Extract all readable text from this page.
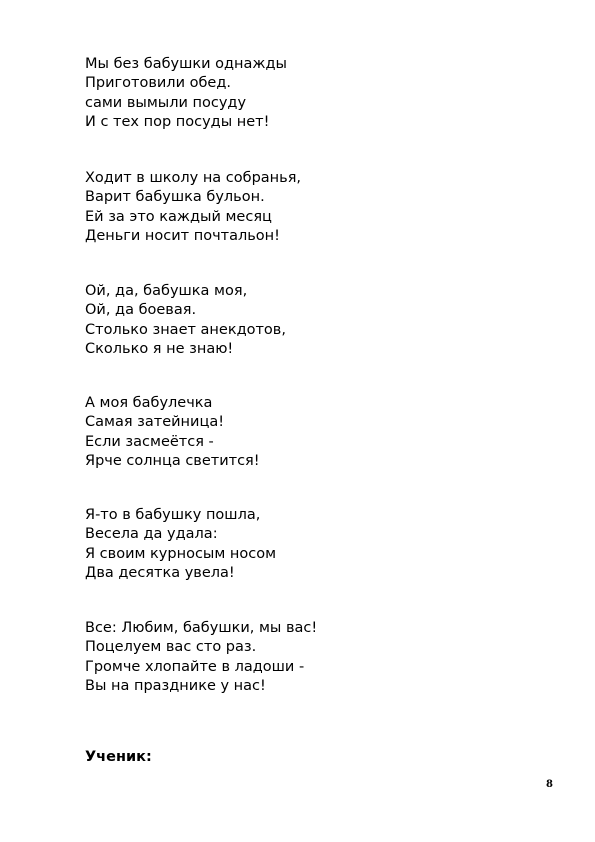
Мы без бабушки однажды
Приготовили обед.
сами вымыли посуду
И с тех пор посуды нет!
Ходит в школу на собранья,
Варит бабушка бульон.
Ей за это каждый месяц
Деньги носит почтальон!
Ой, да, бабушка моя,
Ой, да боевая.
Столько знает анекдотов,
Сколько я не знаю!
А моя бабулечка
Самая затейница!
Если засмеётся -
Ярче солнца светится!
Я-то в бабушку пошла,
Весела да удала:
Я своим курносым носом
Два десятка увела!
Все: Любим, бабушки, мы вас!
Поцелуем вас сто раз.
Громче хлопайте в ладоши -
Вы на празднике у нас!
Ученик:
8
